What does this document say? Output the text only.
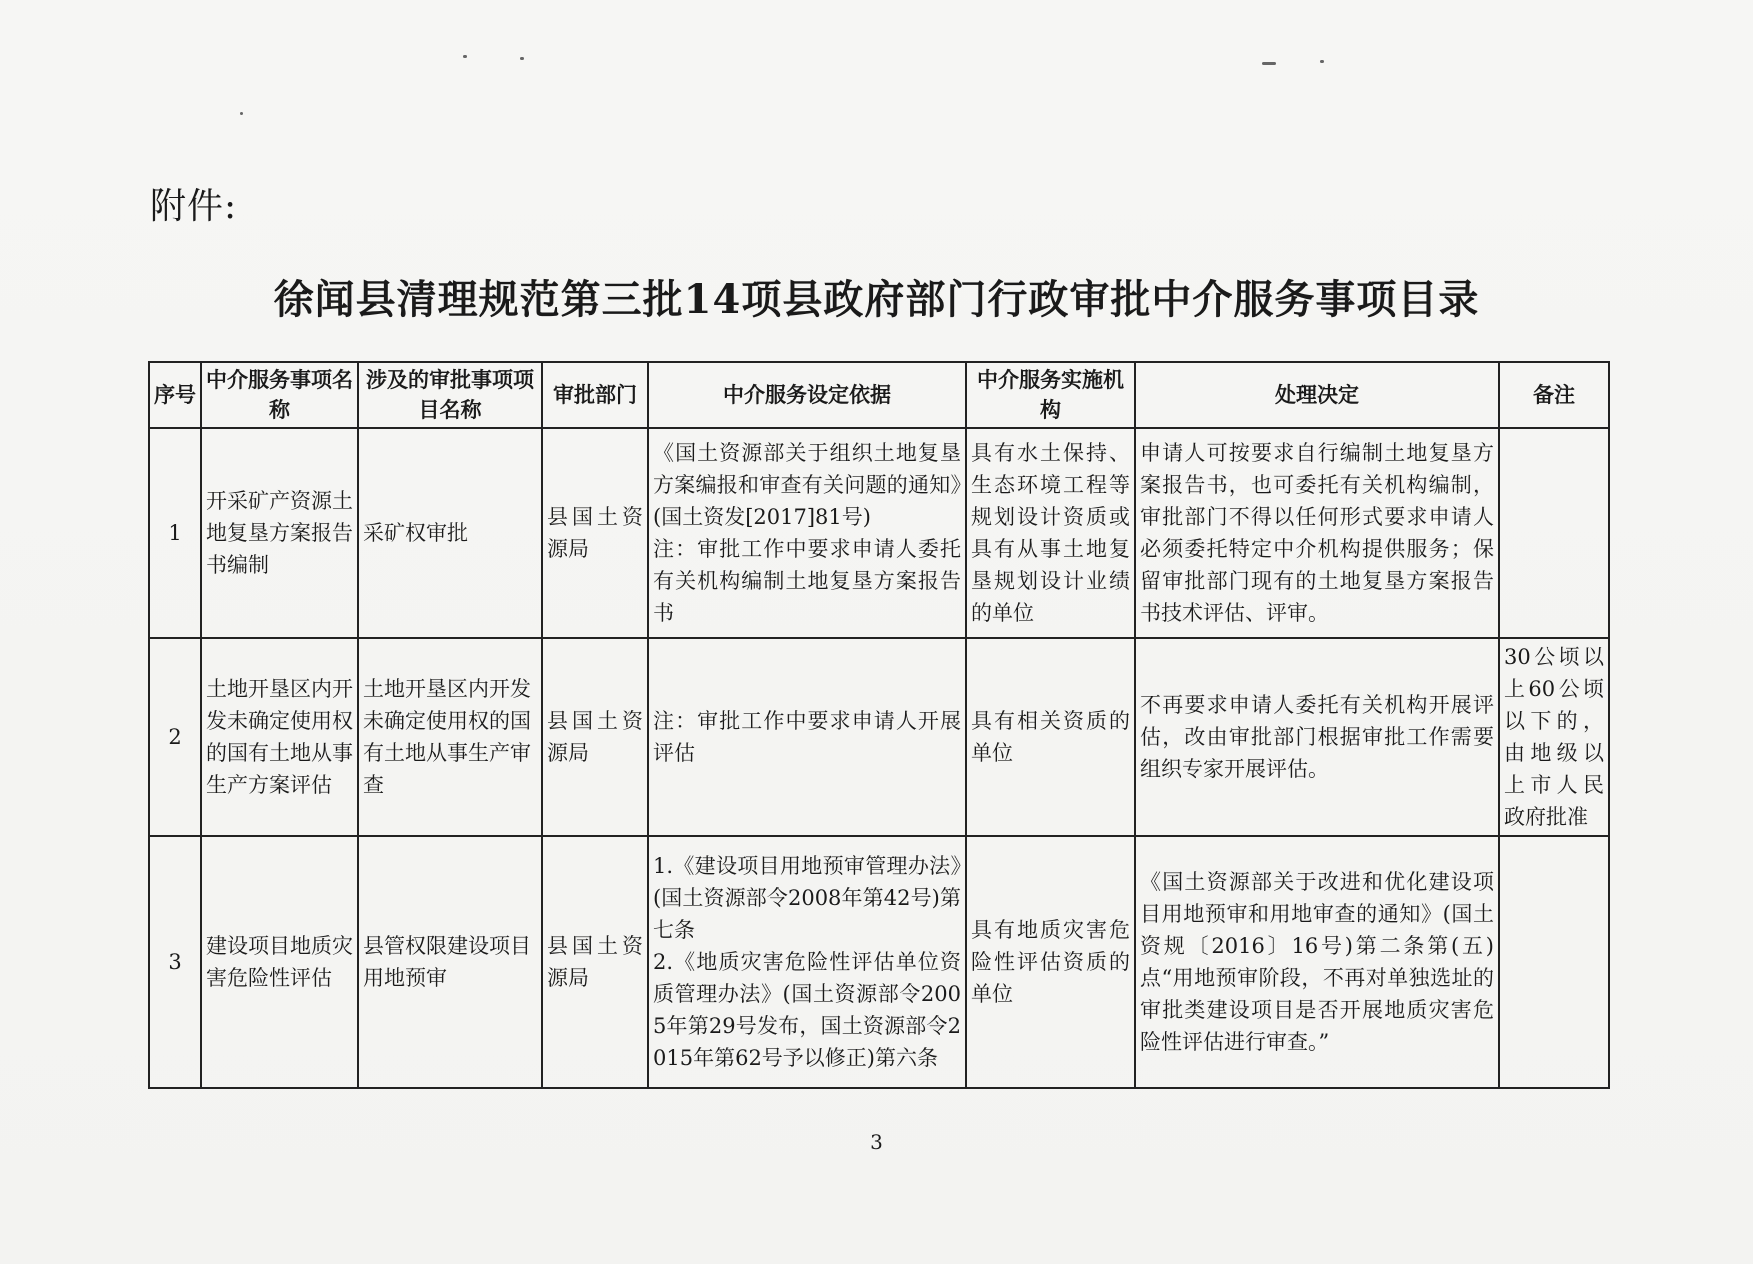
附件:
徐闻县清理规范第三批14项县政府部门行政审批中介服务事项目录
序号	中介服务事项名称	涉及的审批事项项目名称	审批部门	中介服务设定依据	中介服务实施机构	处理决定	备注
1	开采矿产资源土地复垦方案报告书编制	采矿权审批	县国土资源局	《国土资源部关于组织土地复垦方案编报和审查有关问题的通知》(国土资发[2017]81号)
注：审批工作中要求申请人委托有关机构编制土地复垦方案报告书	具有水土保持、生态环境工程等规划设计资质或具有从事土地复垦规划设计业绩的单位	申请人可按要求自行编制土地复垦方案报告书，也可委托有关机构编制，审批部门不得以任何形式要求申请人必须委托特定中介机构提供服务；保留审批部门现有的土地复垦方案报告书技术评估、评审。	
2	土地开垦区内开发未确定使用权的国有土地从事生产方案评估	土地开垦区内开发未确定使用权的国有土地从事生产审查	县国土资源局	注：审批工作中要求申请人开展评估	具有相关资质的单位	不再要求申请人委托有关机构开展评估，改由审批部门根据审批工作需要组织专家开展评估。	30公顷以上60公顷以下的，由地级以上市人民政府批准
3	建设项目地质灾害危险性评估	县管权限建设项目用地预审	县国土资源局	1.《建设项目用地预审管理办法》(国土资源部令2008年第42号)第七条
2.《地质灾害危险性评估单位资质管理办法》(国土资源部令2005年第29号发布，国土资源部令2015年第62号予以修正)第六条	具有地质灾害危险性评估资质的单位	《国土资源部关于改进和优化建设项目用地预审和用地审查的通知》(国土资规〔2016〕16号)第二条第(五)点“用地预审阶段，不再对单独选址的审批类建设项目是否开展地质灾害危险性评估进行审查。”	
3
